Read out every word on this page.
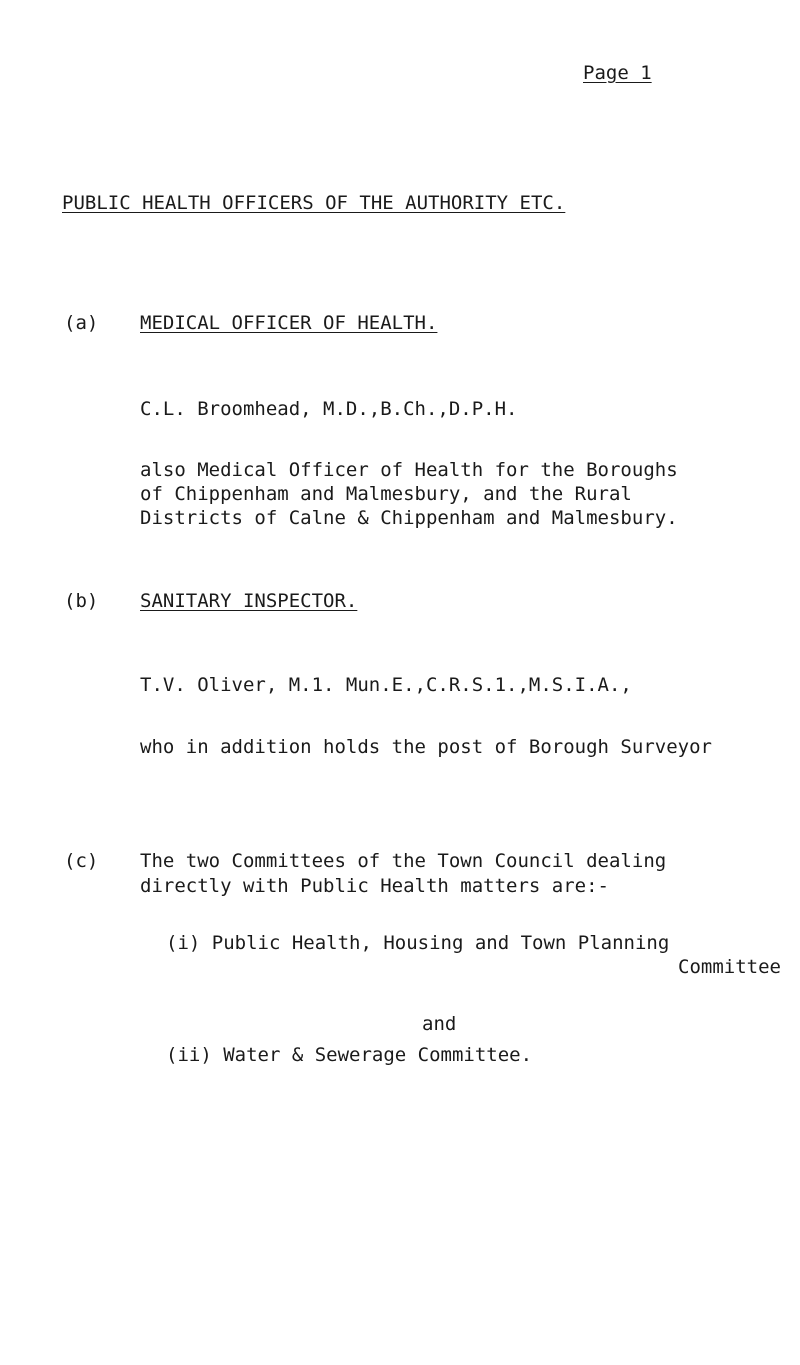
Page 1
PUBLIC HEALTH OFFICERS OF THE AUTHORITY ETC.
(a) MEDICAL OFFICER OF HEALTH.
C.L. Broomhead, M.D.,B.Ch.,D.P.H.
also Medical Officer of Health for the Boroughs
of Chippenham and Malmesbury, and the Rural
Districts of Calne & Chippenham and Malmesbury.
(b) SANITARY INSPECTOR.
T.V. Oliver, M.1. Mun.E.,C.R.S.1.,M.S.I.A.,
who in addition holds the post of Borough Surveyor
(c) The two Committees of the Town Council dealing
directly with Public Health matters are:-
(i) Public Health, Housing and Town Planning
Committee
and
(ii) Water & Sewerage Committee.
